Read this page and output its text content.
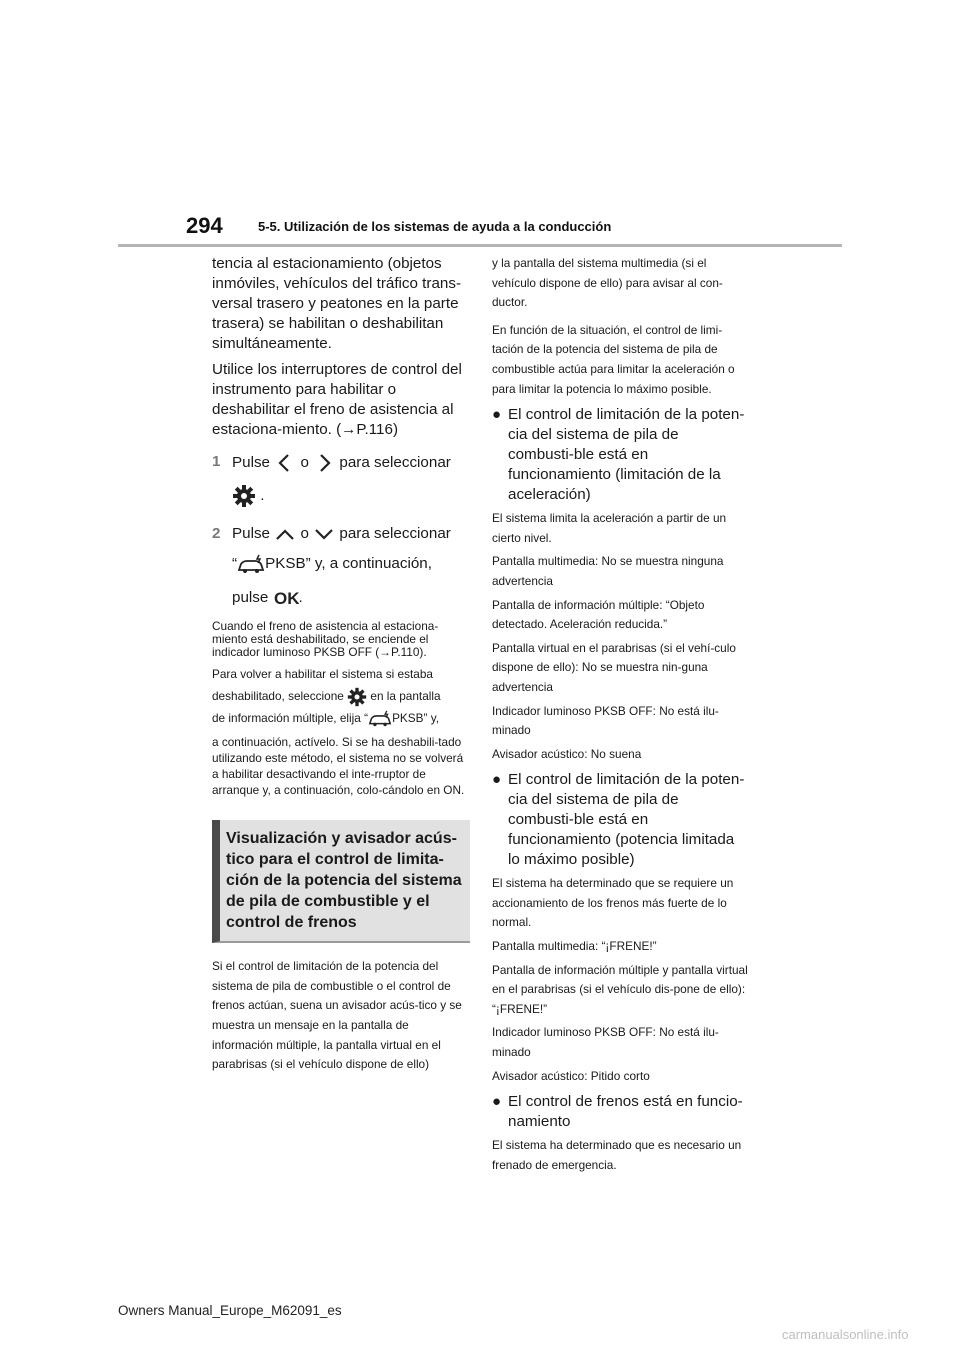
294	5-5. Utilización de los sistemas de ayuda a la conducción

tencia al estacionamiento (objetos inmóviles, vehículos del tráfico trans-versal trasero y peatones en la parte trasera) se habilitan o deshabilitan simultáneamente.

Utilice los interruptores de control del instrumento para habilitar o deshabilitar el freno de asistencia al estaciona-miento. (→P.116)

1 Pulse o para seleccionar
.
2 Pulse o para seleccionar
“ PKSB” y, a continuación,
pulse OK .

Cuando el freno de asistencia al estaciona-miento está deshabilitado, se enciende el indicador luminoso PKSB OFF (→P.110).

Para volver a habilitar el sistema si estaba

deshabilitado, seleccione en la pantalla

de información múltiple, elija “ PKSB” y,

a continuación, actívelo. Si se ha deshabili-tado utilizando este método, el sistema no se volverá a habilitar desactivando el inte-rruptor de arranque y, a continuación, colo-cándolo en ON.

Visualización y avisador acús-tico para el control de limita-ción de la potencia del sistema de pila de combustible y el control de frenos

Si el control de limitación de la potencia del sistema de pila de combustible o el control de frenos actúan, suena un avisador acús-tico y se muestra un mensaje en la pantalla de información múltiple, la pantalla virtual en el parabrisas (si el vehículo dispone de ello)

y la pantalla del sistema multimedia (si el vehículo dispone de ello) para avisar al con-ductor.

En función de la situación, el control de limi-tación de la potencia del sistema de pila de combustible actúa para limitar la aceleración o para limitar la potencia lo máximo posible.

● El control de limitación de la poten-cia del sistema de pila de combusti-ble está en funcionamiento (limitación de la aceleración)

El sistema limita la aceleración a partir de un cierto nivel.

Pantalla multimedia: No se muestra ninguna advertencia

Pantalla de información múltiple: “Objeto detectado. Aceleración reducida.”

Pantalla virtual en el parabrisas (si el vehí-culo dispone de ello): No se muestra nin-guna advertencia

Indicador luminoso PKSB OFF: No está ilu-minado

Avisador acústico: No suena

● El control de limitación de la poten-cia del sistema de pila de combusti-ble está en funcionamiento (potencia limitada lo máximo posible)

El sistema ha determinado que se requiere un accionamiento de los frenos más fuerte de lo normal.

Pantalla multimedia: “¡FRENE!”

Pantalla de información múltiple y pantalla virtual en el parabrisas (si el vehículo dis-pone de ello): “¡FRENE!”

Indicador luminoso PKSB OFF: No está ilu-minado

Avisador acústico: Pitido corto

● El control de frenos está en funcio-namiento

El sistema ha determinado que es necesario un frenado de emergencia.

Owners Manual_Europe_M62091_es
carmanualsonline.info
